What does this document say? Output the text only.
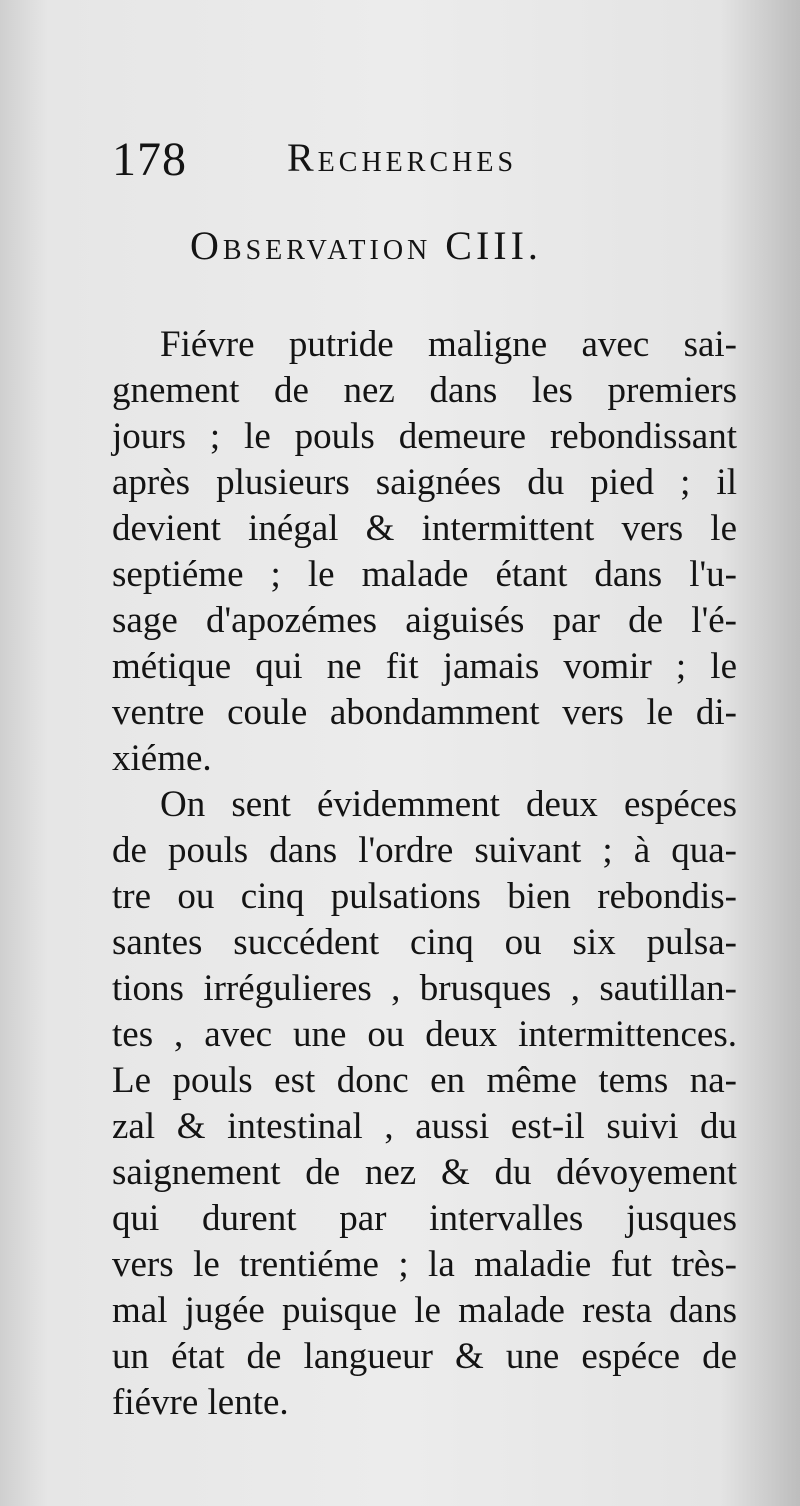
178	Recherches
Observation CIII.
Fiévre putride maligne avec sai-
gnement de nez dans les premiers
jours ; le pouls demeure rebondissant
après plusieurs saignées du pied ; il
devient inégal & intermittent vers le
septiéme ; le malade étant dans l'u-
sage d'apozémes aiguisés par de l'é-
métique qui ne fit jamais vomir ; le
ventre coule abondamment vers le di-
xiéme.
On sent évidemment deux espéces
de pouls dans l'ordre suivant ; à qua-
tre ou cinq pulsations bien rebondis-
santes succédent cinq ou six pulsa-
tions irrégulieres , brusques , sautillan-
tes , avec une ou deux intermittences.
Le pouls est donc en même tems na-
zal & intestinal , aussi est-il suivi du
saignement de nez & du dévoyement
qui durent par intervalles jusques
vers le trentiéme ; la maladie fut très-
mal jugée puisque le malade resta dans
un état de langueur & une espéce de
fiévre lente.
